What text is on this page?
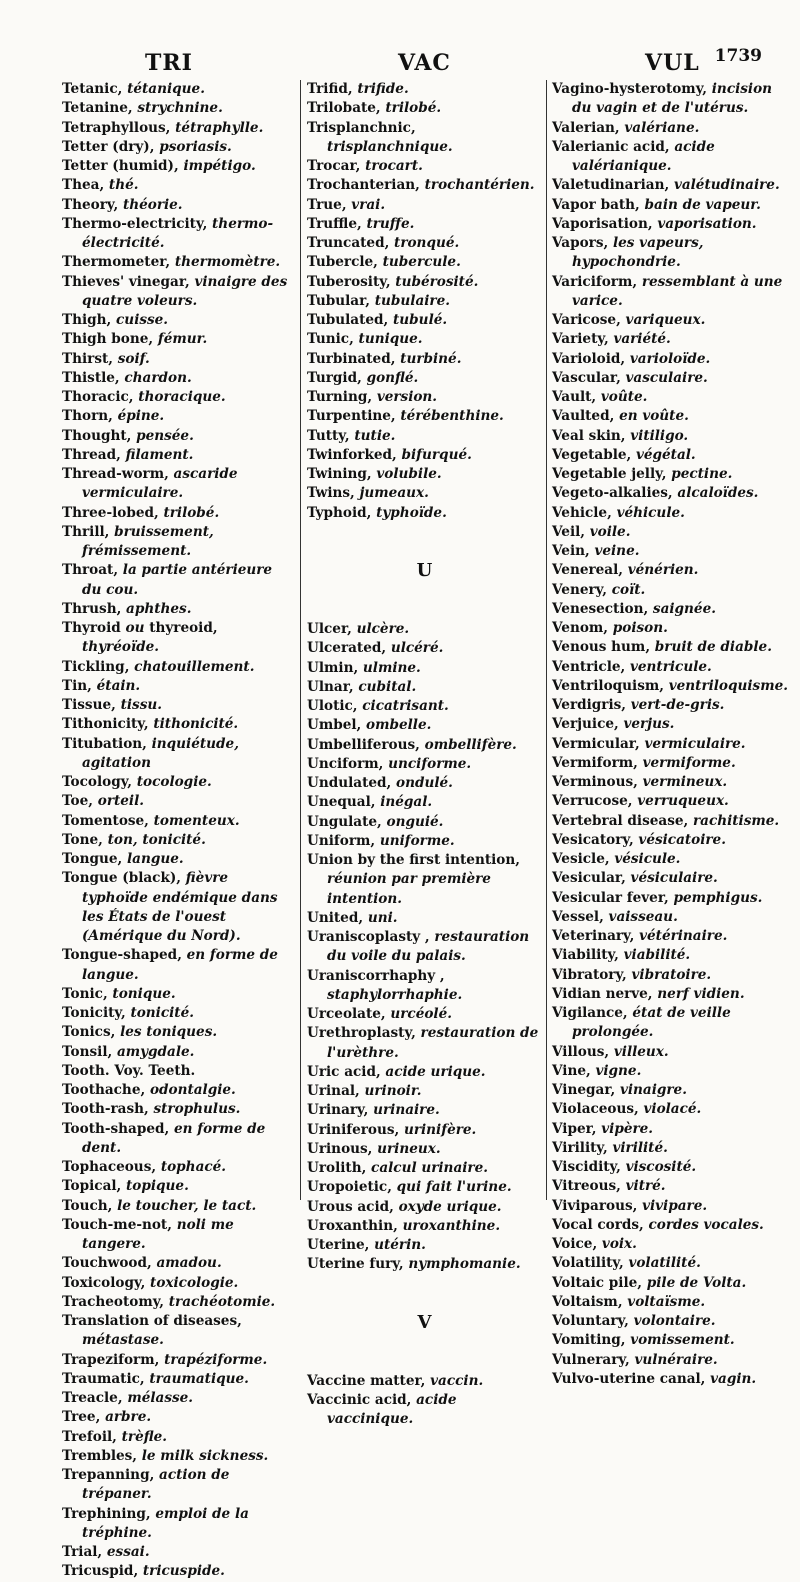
TRI	VAC	VUL 1739
Tetanic, tétanique.
Tetanine, strychnine.
Tetraphyllous, tétraphylle.
Tetter (dry), psoriasis.
Tetter (humid), impétigo.
Thea, thé.
Theory, théorie.
Thermo-electricity, thermo-électricité.
Thermometer, thermomètre.
Thieves' vinegar, vinaigre des quatre voleurs.
Thigh, cuisse.
Thigh bone, fémur.
Thirst, soif.
Thistle, chardon.
Thoracic, thoracique.
Thorn, épine.
Thought, pensée.
Thread, filament.
Thread-worm, ascaride vermiculaire.
Three-lobed, trilobé.
Thrill, bruissement, frémissement.
Throat, la partie antérieure du cou.
Thrush, aphthes.
Thyroid ou thyreoid, thyréoïde.
Tickling, chatouillement.
Tin, étain.
Tissue, tissu.
Tithonicity, tithonicité.
Titubation, inquiétude, agitation
Tocology, tocologie.
Toe, orteil.
Tomentose, tomenteux.
Tone, ton, tonicité.
Tongue, langue.
Tongue (black), fièvre typhoïde endémique dans les États de l'ouest (Amérique du Nord).
Tongue-shaped, en forme de langue.
Tonic, tonique.
Tonicity, tonicité.
Tonics, les toniques.
Tonsil, amygdale.
Tooth. Voy. Teeth.
Toothache, odontalgie.
Tooth-rash, strophulus.
Tooth-shaped, en forme de dent.
Tophaceous, tophacé.
Topical, topique.
Touch, le toucher, le tact.
Touch-me-not, noli me tangere.
Touchwood, amadou.
Toxicology, toxicologie.
Tracheotomy, trachéotomie.
Translation of diseases, métastase.
Trapeziform, trapéziforme.
Traumatic, traumatique.
Treacle, mélasse.
Tree, arbre.
Trefoil, trèfle.
Trembles, le milk sickness.
Trepanning, action de trépaner.
Trephining, emploi de la tréphine.
Trial, essai.
Tricuspid, tricuspide.
Trifid, trifide.
Trilobate, trilobé.
Trisplanchnic, trisplanchnique.
Trocar, trocart.
Trochanterian, trochantérien.
True, vrai.
Truffle, truffe.
Truncated, tronqué.
Tubercle, tubercule.
Tuberosity, tubérosité.
Tubular, tubulaire.
Tubulated, tubulé.
Tunic, tunique.
Turbinated, turbiné.
Turgid, gonflé.
Turning, version.
Turpentine, térébenthine.
Tutty, tutie.
Twinforked, bifurqué.
Twining, volubile.
Twins, jumeaux.
Typhoid, typhoïde.
U
Ulcer, ulcère.
Ulcerated, ulcéré.
Ulmin, ulmine.
Ulnar, cubital.
Ulotic, cicatrisant.
Umbel, ombelle.
Umbelliferous, ombellifère.
Unciform, unciforme.
Undulated, ondulé.
Unequal, inégal.
Ungulate, onguié.
Uniform, uniforme.
Union by the first intention, réunion par première intention.
United, uni.
Uraniscoplasty , restauration du voile du palais.
Uraniscorrhaphy , staphylorrhaphie.
Urceolate, urcéolé.
Urethroplasty, restauration de l'urèthre.
Uric acid, acide urique.
Urinal, urinoir.
Urinary, urinaire.
Uriniferous, urinifère.
Urinous, urineux.
Urolith, calcul urinaire.
Uropoietic, qui fait l'urine.
Urous acid, oxyde urique.
Uroxanthin, uroxanthine.
Uterine, utérin.
Uterine fury, nymphomanie.
V
Vaccine matter, vaccin.
Vaccinic acid, acide vaccinique.
Vagino-hysterotomy, incision du vagin et de l'utérus.
Valerian, valériane.
Valerianic acid, acide valérianique.
Valetudinarian, valétudinaire.
Vapor bath, bain de vapeur.
Vaporisation, vaporisation.
Vapors, les vapeurs, hypochondrie.
Variciform, ressemblant à une varice.
Varicose, variqueux.
Variety, variété.
Varioloid, varioloïde.
Vascular, vasculaire.
Vault, voûte.
Vaulted, en voûte.
Veal skin, vitiligo.
Vegetable, végétal.
Vegetable jelly, pectine.
Vegeto-alkalies, alcaloïdes.
Vehicle, véhicule.
Veil, voile.
Vein, veine.
Venereal, vénérien.
Venery, coït.
Venesection, saignée.
Venom, poison.
Venous hum, bruit de diable.
Ventricle, ventricule.
Ventriloquism, ventriloquisme.
Verdigris, vert-de-gris.
Verjuice, verjus.
Vermicular, vermiculaire.
Vermiform, vermiforme.
Verminous, vermineux.
Verrucose, verruqueux.
Vertebral disease, rachitisme.
Vesicatory, vésicatoire.
Vesicle, vésicule.
Vesicular, vésiculaire.
Vesicular fever, pemphigus.
Vessel, vaisseau.
Veterinary, vétérinaire.
Viability, viabilité.
Vibratory, vibratoire.
Vidian nerve, nerf vidien.
Vigilance, état de veille prolongée.
Villous, villeux.
Vine, vigne.
Vinegar, vinaigre.
Violaceous, violacé.
Viper, vipère.
Virility, virilité.
Viscidity, viscosité.
Vitreous, vitré.
Viviparous, vivipare.
Vocal cords, cordes vocales.
Voice, voix.
Volatility, volatilité.
Voltaic pile, pile de Volta.
Voltaism, voltaïsme.
Voluntary, volontaire.
Vomiting, vomissement.
Vulnerary, vulnéraire.
Vulvo-uterine canal, vagin.
